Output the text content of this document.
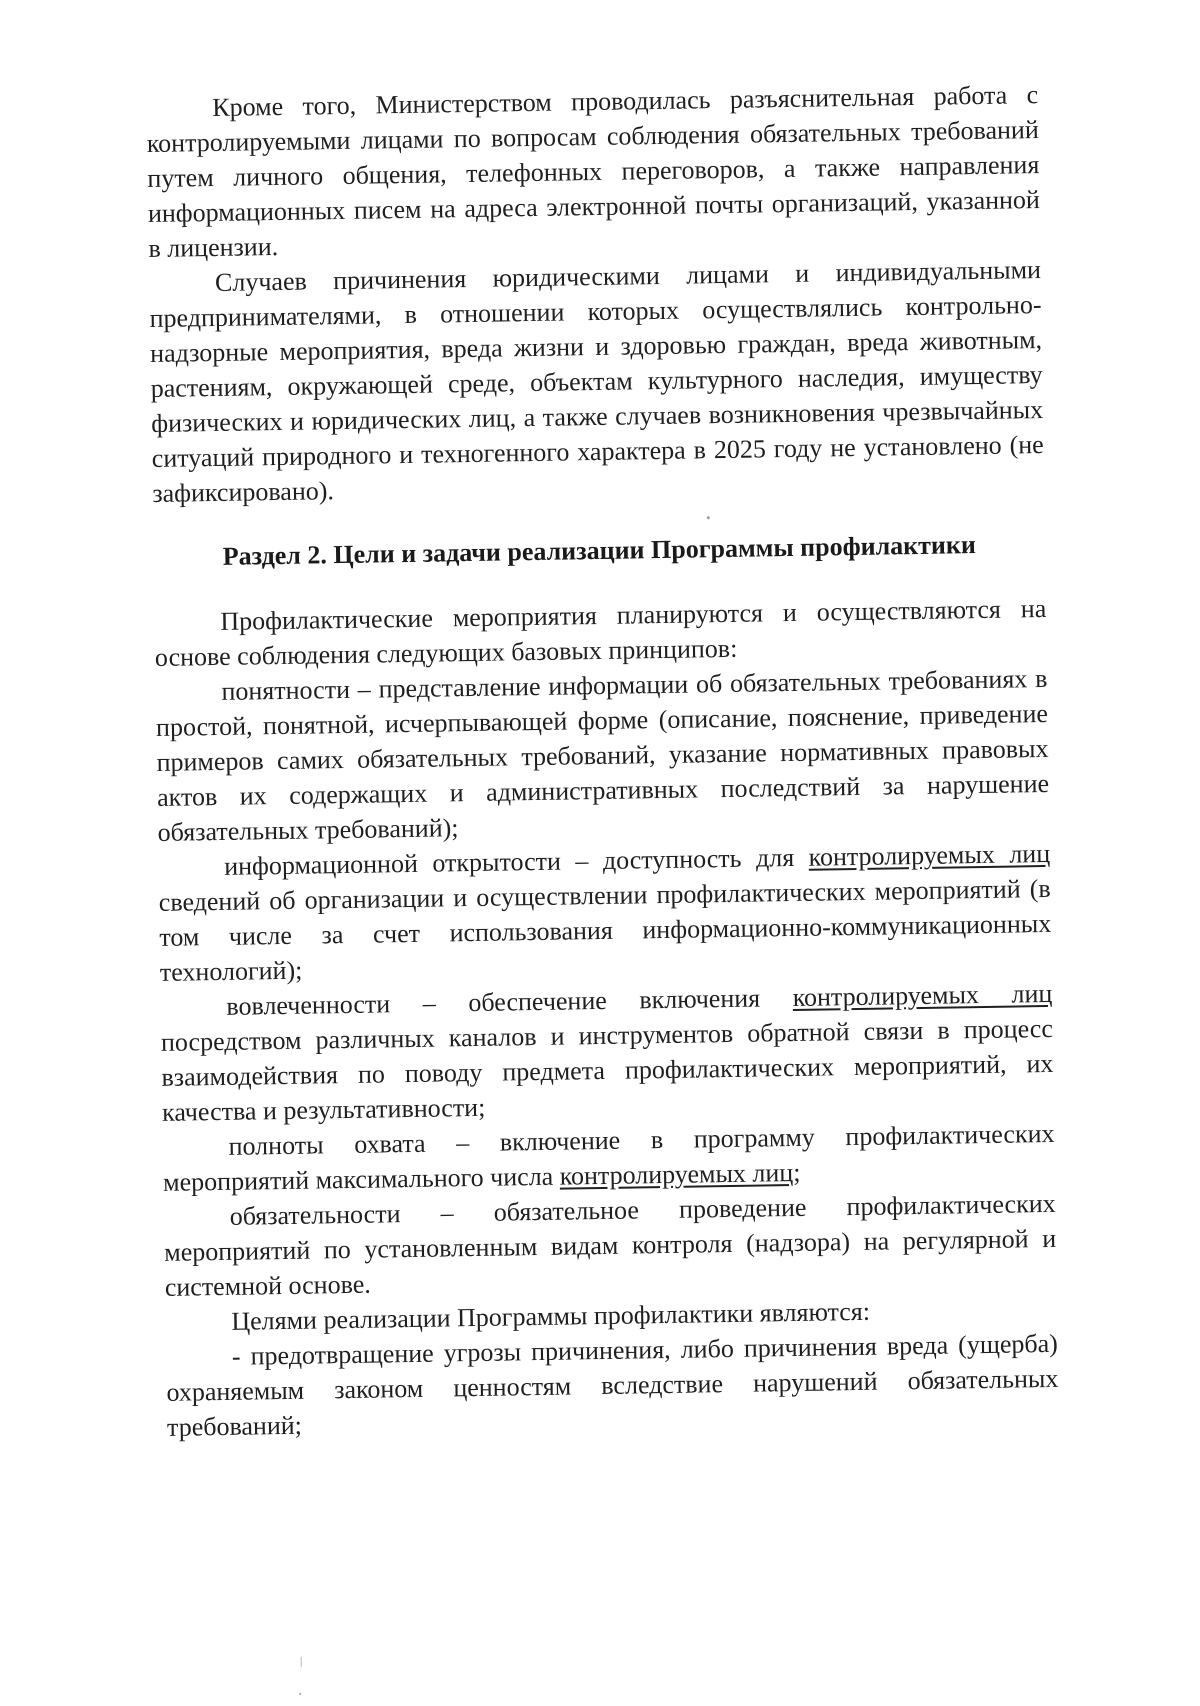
Кроме того, Министерством проводилась разъяснительная работа с контролируемыми лицами по вопросам соблюдения обязательных требований путем личного общения, телефонных переговоров, а также направления информационных писем на адреса электронной почты организаций, указанной в лицензии.

Случаев причинения юридическими лицами и индивидуальными предпринимателями, в отношении которых осуществлялись контрольно-надзорные мероприятия, вреда жизни и здоровью граждан, вреда животным, растениям, окружающей среде, объектам культурного наследия, имуществу физических и юридических лиц, а также случаев возникновения чрезвычайных ситуаций природного и техногенного характера в 2025 году не установлено (не зафиксировано).

Раздел 2. Цели и задачи реализации Программы профилактики

Профилактические мероприятия планируются и осуществляются на основе соблюдения следующих базовых принципов:

понятности – представление информации об обязательных требованиях в простой, понятной, исчерпывающей форме (описание, пояснение, приведение примеров самих обязательных требований, указание нормативных правовых актов их содержащих и административных последствий за нарушение обязательных требований);

информационной открытости – доступность для контролируемых лиц сведений об организации и осуществлении профилактических мероприятий (в том числе за счет использования информационно-коммуникационных технологий);

вовлеченности – обеспечение включения контролируемых лиц посредством различных каналов и инструментов обратной связи в процесс взаимодействия по поводу предмета профилактических мероприятий, их качества и результативности;

полноты охвата – включение в программу профилактических мероприятий максимального числа контролируемых лиц;

обязательности – обязательное проведение профилактических мероприятий по установленным видам контроля (надзора) на регулярной и системной основе.

Целями реализации Программы профилактики являются:

- предотвращение угрозы причинения, либо причинения вреда (ущерба) охраняемым законом ценностям вследствие нарушений обязательных требований;
